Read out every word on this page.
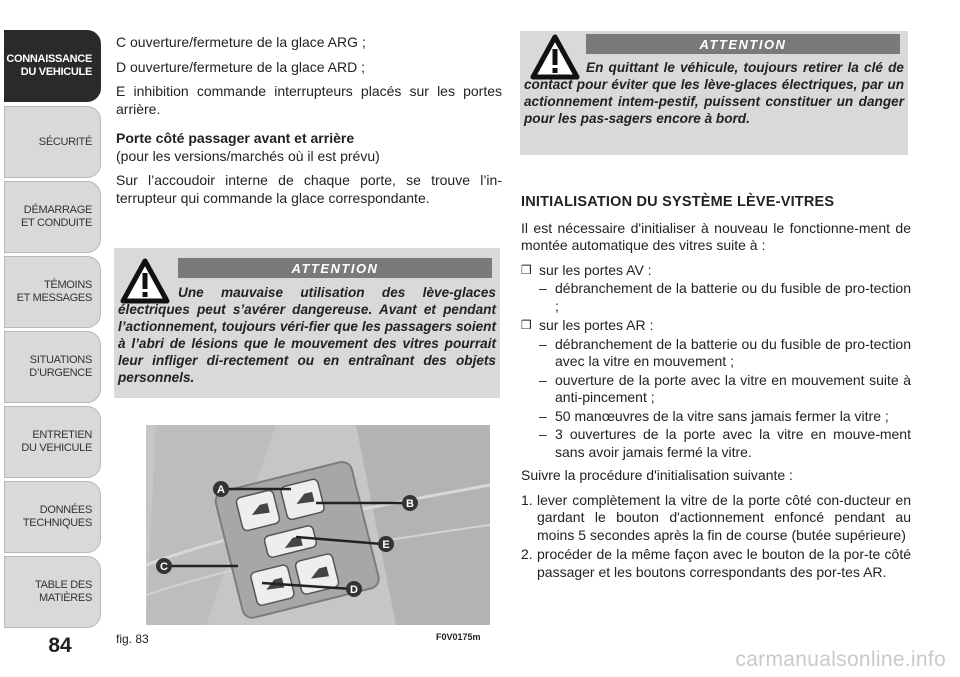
CONNAISSANCE
DU VEHICULE
SÉCURITÉ
DÉMARRAGE
ET CONDUITE
TÉMOINS
ET MESSAGES
SITUATIONS
D’URGENCE
ENTRETIEN
DU VEHICULE
DONNÉES
TECHNIQUES
TABLE DES
MATIÈRES
84

C ouverture/fermeture de la glace ARG ;

D ouverture/fermeture de la glace ARD ;

E inhibition commande interrupteurs placés sur les portes arrière.

Porte côté passager avant et arrière

(pour les versions/marchés où il est prévu)

Sur l’accoudoir interne de chaque porte, se trouve l’in-terrupteur qui commande la glace correspondante.

ATTENTION
Une mauvaise utilisation des lève-glaces électriques peut s’avérer dangereuse. Avant et pendant l’actionnement, toujours véri-fier que les passagers soient à l’abri de lésions que le mouvement des vitres pourrait leur infliger di-rectement ou en entraînant des objets personnels.
ATTENTION
En quittant le véhicule, toujours retirer la clé de contact pour éviter que les lève-glaces électriques, par un actionnement intem-pestif, puissent constituer un danger pour les pas-sagers encore à bord.
A
B
C
D
E
fig. 83	F0V0175m
INITIALISATION DU SYSTÈME LÈVE-VITRES

Il est nécessaire d'initialiser à nouveau le fonctionne-ment de montée automatique des vitres suite à :

❒ sur les portes AV :
– débranchement de la batterie ou du fusible de pro-tection ;
❒ sur les portes AR :
– débranchement de la batterie ou du fusible de pro-tection avec la vitre en mouvement ;
– ouverture de la porte avec la vitre en mouvement suite à anti-pincement ;
– 50 manœuvres de la vitre sans jamais fermer la vitre ;
– 3 ouvertures de la porte avec la vitre en mouve-ment sans avoir jamais fermé la vitre.

Suivre la procédure d'initialisation suivante :

1. lever complètement la vitre de la porte côté con-ducteur en gardant le bouton d'actionnement enfoncé pendant au moins 5 secondes après la fin de course (butée supérieure)
2. procéder de la même façon avec le bouton de la por-te côté passager et les boutons correspondants des por-tes AR.
carmanualsonline.info
